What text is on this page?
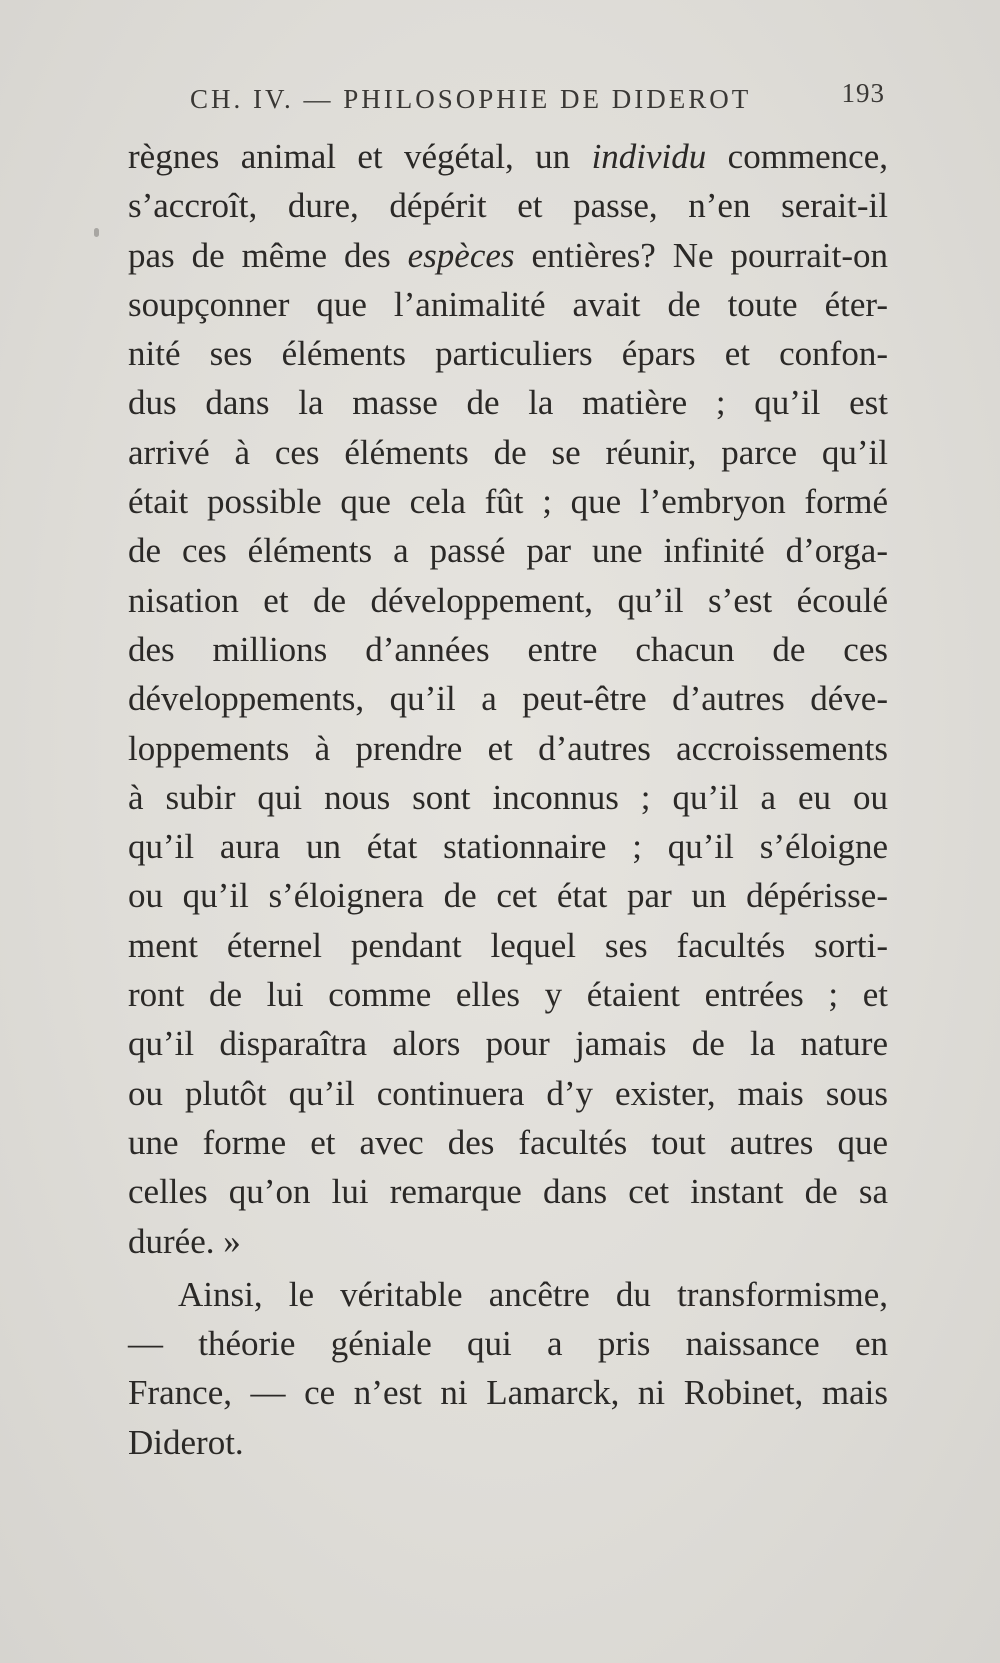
CH. IV. — PHILOSOPHIE DE DIDEROT	193
règnes animal et végétal, un individu commence,
s’accroît, dure, dépérit et passe, n’en serait-il
pas de même des espèces entières? Ne pourrait-on
soupçonner que l’animalité avait de toute éter-
nité ses éléments particuliers épars et confon-
dus dans la masse de la matière ; qu’il est
arrivé à ces éléments de se réunir, parce qu’il
était possible que cela fût ; que l’embryon formé
de ces éléments a passé par une infinité d’orga-
nisation et de développement, qu’il s’est écoulé
des millions d’années entre chacun de ces
développements, qu’il a peut-être d’autres déve-
loppements à prendre et d’autres accroissements
à subir qui nous sont inconnus ; qu’il a eu ou
qu’il aura un état stationnaire ; qu’il s’éloigne
ou qu’il s’éloignera de cet état par un dépérisse-
ment éternel pendant lequel ses facultés sorti-
ront de lui comme elles y étaient entrées ; et
qu’il disparaîtra alors pour jamais de la nature
ou plutôt qu’il continuera d’y exister, mais sous
une forme et avec des facultés tout autres que
celles qu’on lui remarque dans cet instant de sa
durée. »
Ainsi, le véritable ancêtre du transformisme,
— théorie géniale qui a pris naissance en
France, — ce n’est ni Lamarck, ni Robinet, mais
Diderot.
